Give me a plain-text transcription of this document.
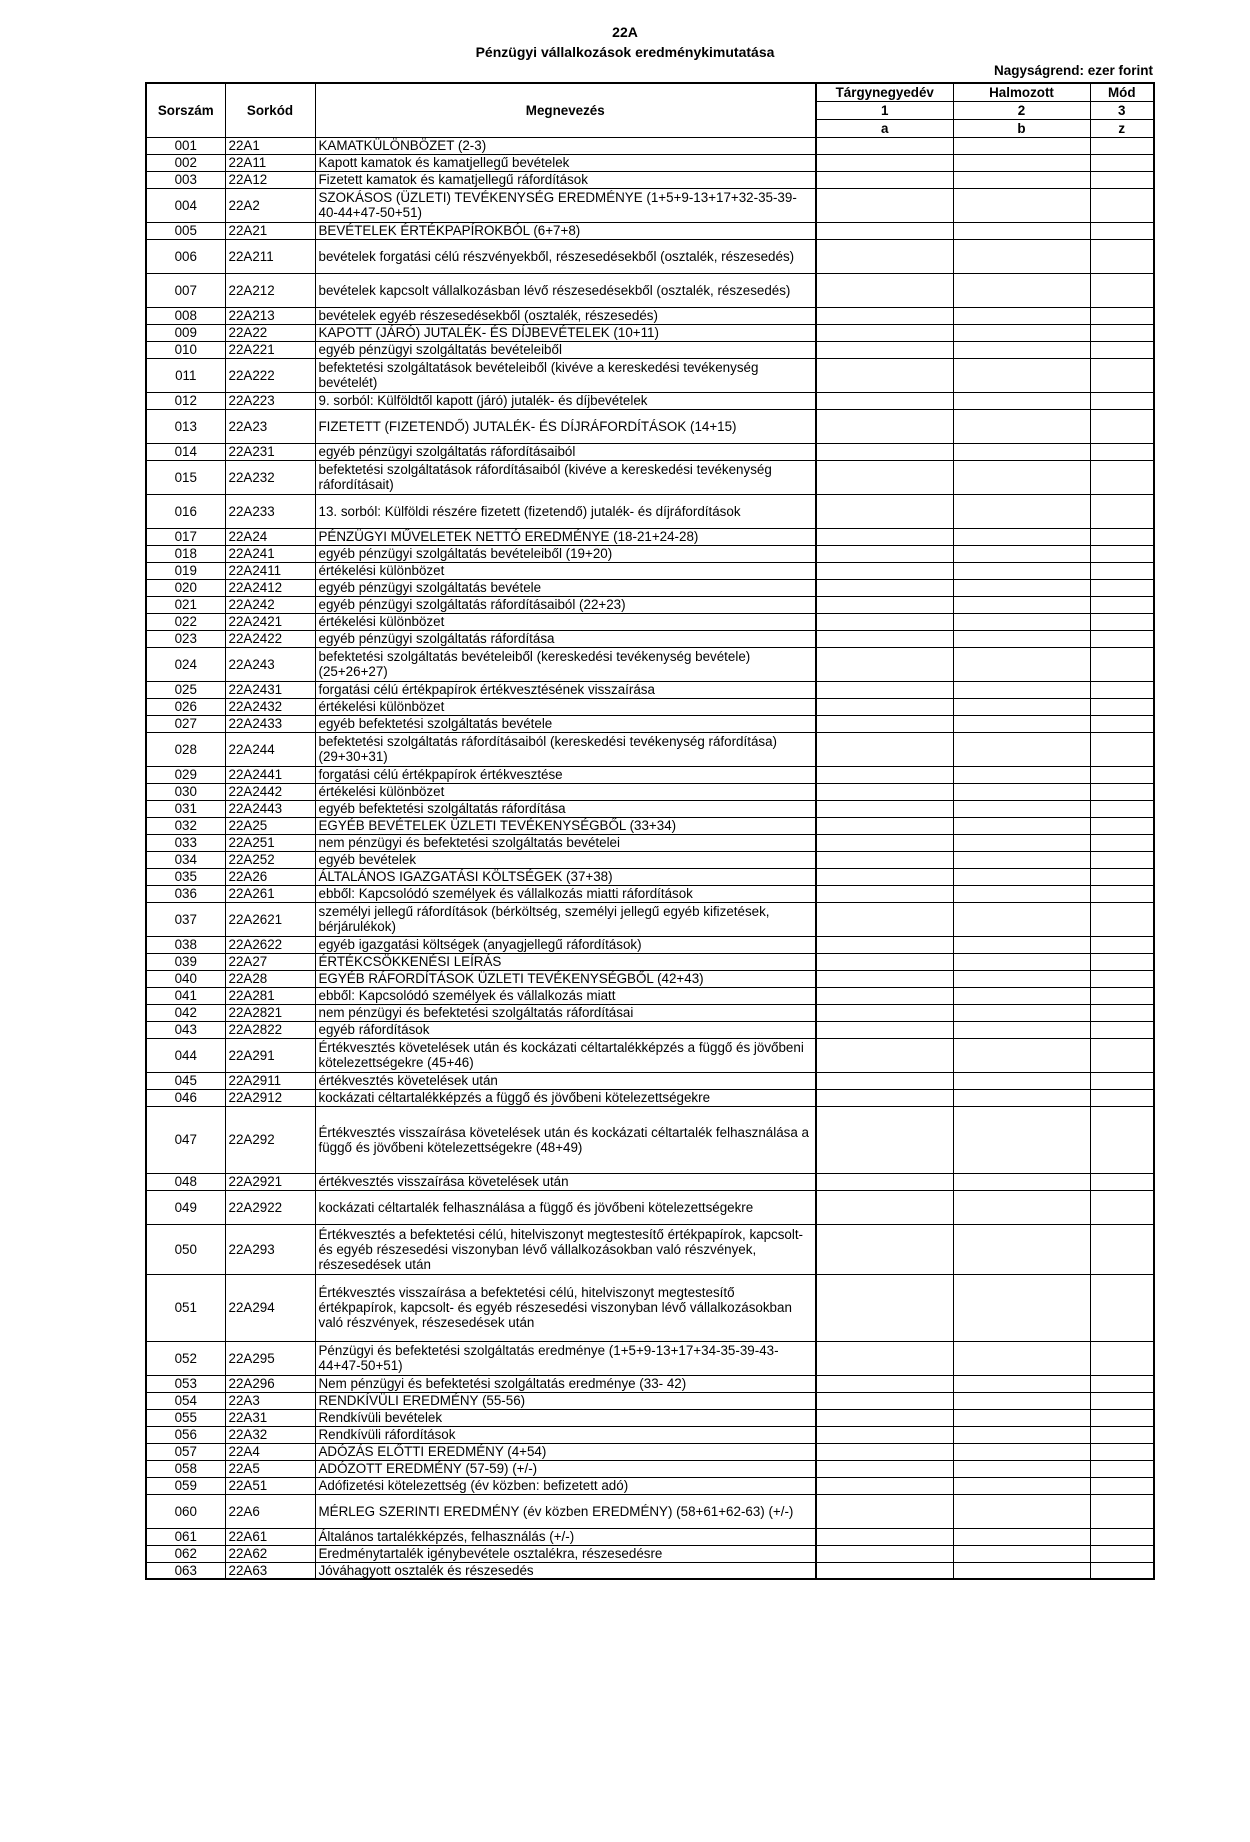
22A
Pénzügyi vállalkozások eredménykimutatása
Nagyságrend: ezer forint
Sorszám	Sorkód	Megnevezés	Tárgynegyedév	Halmozott	Mód
			1	2	3
			a	b	z
001	22A1	KAMATKÜLÖNBÖZET (2-3)			
002	22A11	Kapott kamatok és kamatjellegű bevételek			
003	22A12	Fizetett kamatok és kamatjellegű ráfordítások			
004	22A2	SZOKÁSOS (ÜZLETI) TEVÉKENYSÉG EREDMÉNYE (1+5+9-13+17+32-35-39-40-44+47-50+51)			
005	22A21	BEVÉTELEK ÉRTÉKPAPÍROKBÓL (6+7+8)			
006	22A211	bevételek forgatási célú részvényekből, részesedésekből (osztalék, részesedés)			
007	22A212	bevételek kapcsolt vállalkozásban lévő részesedésekből (osztalék, részesedés)			
008	22A213	bevételek egyéb részesedésekből (osztalék, részesedés)			
009	22A22	KAPOTT (JÁRÓ) JUTALÉK- ÉS DÍJBEVÉTELEK (10+11)			
010	22A221	egyéb pénzügyi szolgáltatás bevételeiből			
011	22A222	befektetési szolgáltatások bevételeiből (kivéve a kereskedési tevékenység bevételét)			
012	22A223	9. sorból: Külföldtől kapott (járó) jutalék- és díjbevételek			
013	22A23	FIZETETT (FIZETENDŐ) JUTALÉK- ÉS DÍJRÁFORDÍTÁSOK (14+15)			
014	22A231	egyéb pénzügyi szolgáltatás ráfordításaiból			
015	22A232	befektetési szolgáltatások ráfordításaiból (kivéve a kereskedési tevékenység ráfordításait)			
016	22A233	13. sorból: Külföldi részére fizetett (fizetendő) jutalék- és díjráfordítások			
017	22A24	PÉNZÜGYI MŰVELETEK NETTÓ EREDMÉNYE (18-21+24-28)			
018	22A241	egyéb pénzügyi szolgáltatás bevételeiből (19+20)			
019	22A2411	értékelési különbözet			
020	22A2412	egyéb pénzügyi szolgáltatás bevétele			
021	22A242	egyéb pénzügyi szolgáltatás ráfordításaiból (22+23)			
022	22A2421	értékelési különbözet			
023	22A2422	egyéb pénzügyi szolgáltatás ráfordítása			
024	22A243	befektetési szolgáltatás bevételeiből (kereskedési tevékenység bevétele) (25+26+27)			
025	22A2431	forgatási célú értékpapírok értékvesztésének visszaírása			
026	22A2432	értékelési különbözet			
027	22A2433	egyéb befektetési szolgáltatás bevétele			
028	22A244	befektetési szolgáltatás ráfordításaiból (kereskedési tevékenység ráfordítása) (29+30+31)			
029	22A2441	forgatási célú értékpapírok értékvesztése			
030	22A2442	értékelési különbözet			
031	22A2443	egyéb befektetési szolgáltatás ráfordítása			
032	22A25	EGYÉB BEVÉTELEK ÜZLETI TEVÉKENYSÉGBŐL (33+34)			
033	22A251	nem pénzügyi és befektetési szolgáltatás bevételei			
034	22A252	egyéb bevételek			
035	22A26	ÁLTALÁNOS IGAZGATÁSI KÖLTSÉGEK (37+38)			
036	22A261	ebből: Kapcsolódó személyek és vállalkozás miatti ráfordítások			
037	22A2621	személyi jellegű ráfordítások (bérköltség, személyi jellegű egyéb kifizetések, bérjárulékok)			
038	22A2622	egyéb igazgatási költségek (anyagjellegű ráfordítások)			
039	22A27	ÉRTÉKCSÖKKENÉSI LEÍRÁS			
040	22A28	EGYÉB RÁFORDÍTÁSOK ÜZLETI TEVÉKENYSÉGBŐL (42+43)			
041	22A281	ebből: Kapcsolódó személyek és vállalkozás miatt			
042	22A2821	nem pénzügyi és befektetési szolgáltatás ráfordításai			
043	22A2822	egyéb ráfordítások			
044	22A291	Értékvesztés követelések után és kockázati céltartalékképzés a függő és jövőbeni kötelezettségekre (45+46)			
045	22A2911	értékvesztés követelések után			
046	22A2912	kockázati céltartalékképzés a függő és jövőbeni kötelezettségekre			
047	22A292	Értékvesztés visszaírása követelések után és kockázati céltartalék felhasználása a függő és jövőbeni kötelezettségekre (48+49)			
048	22A2921	értékvesztés visszaírása követelések után			
049	22A2922	kockázati céltartalék felhasználása a függő és jövőbeni kötelezettségekre			
050	22A293	Értékvesztés a befektetési célú, hitelviszonyt megtestesítő értékpapírok, kapcsolt- és egyéb részesedési viszonyban lévő vállalkozásokban való részvények, részesedések után			
051	22A294	Értékvesztés visszaírása a befektetési célú, hitelviszonyt megtestesítő értékpapírok, kapcsolt- és egyéb részesedési viszonyban lévő vállalkozásokban való részvények, részesedések után			
052	22A295	Pénzügyi és befektetési szolgáltatás eredménye (1+5+9-13+17+34-35-39-43-44+47-50+51)			
053	22A296	Nem pénzügyi és befektetési szolgáltatás eredménye (33- 42)			
054	22A3	RENDKÍVÜLI EREDMÉNY (55-56)			
055	22A31	Rendkívüli bevételek			
056	22A32	Rendkívüli ráfordítások			
057	22A4	ADÓZÁS ELŐTTI EREDMÉNY (4+54)			
058	22A5	ADÓZOTT EREDMÉNY (57-59) (+/-)			
059	22A51	Adófizetési kötelezettség (év közben: befizetett adó)			
060	22A6	MÉRLEG SZERINTI EREDMÉNY (év közben EREDMÉNY) (58+61+62-63) (+/-)			
061	22A61	Általános tartalékképzés, felhasználás (+/-)			
062	22A62	Eredménytartalék igénybevétele osztalékra, részesedésre			
063	22A63	Jóváhagyott osztalék és részesedés			
